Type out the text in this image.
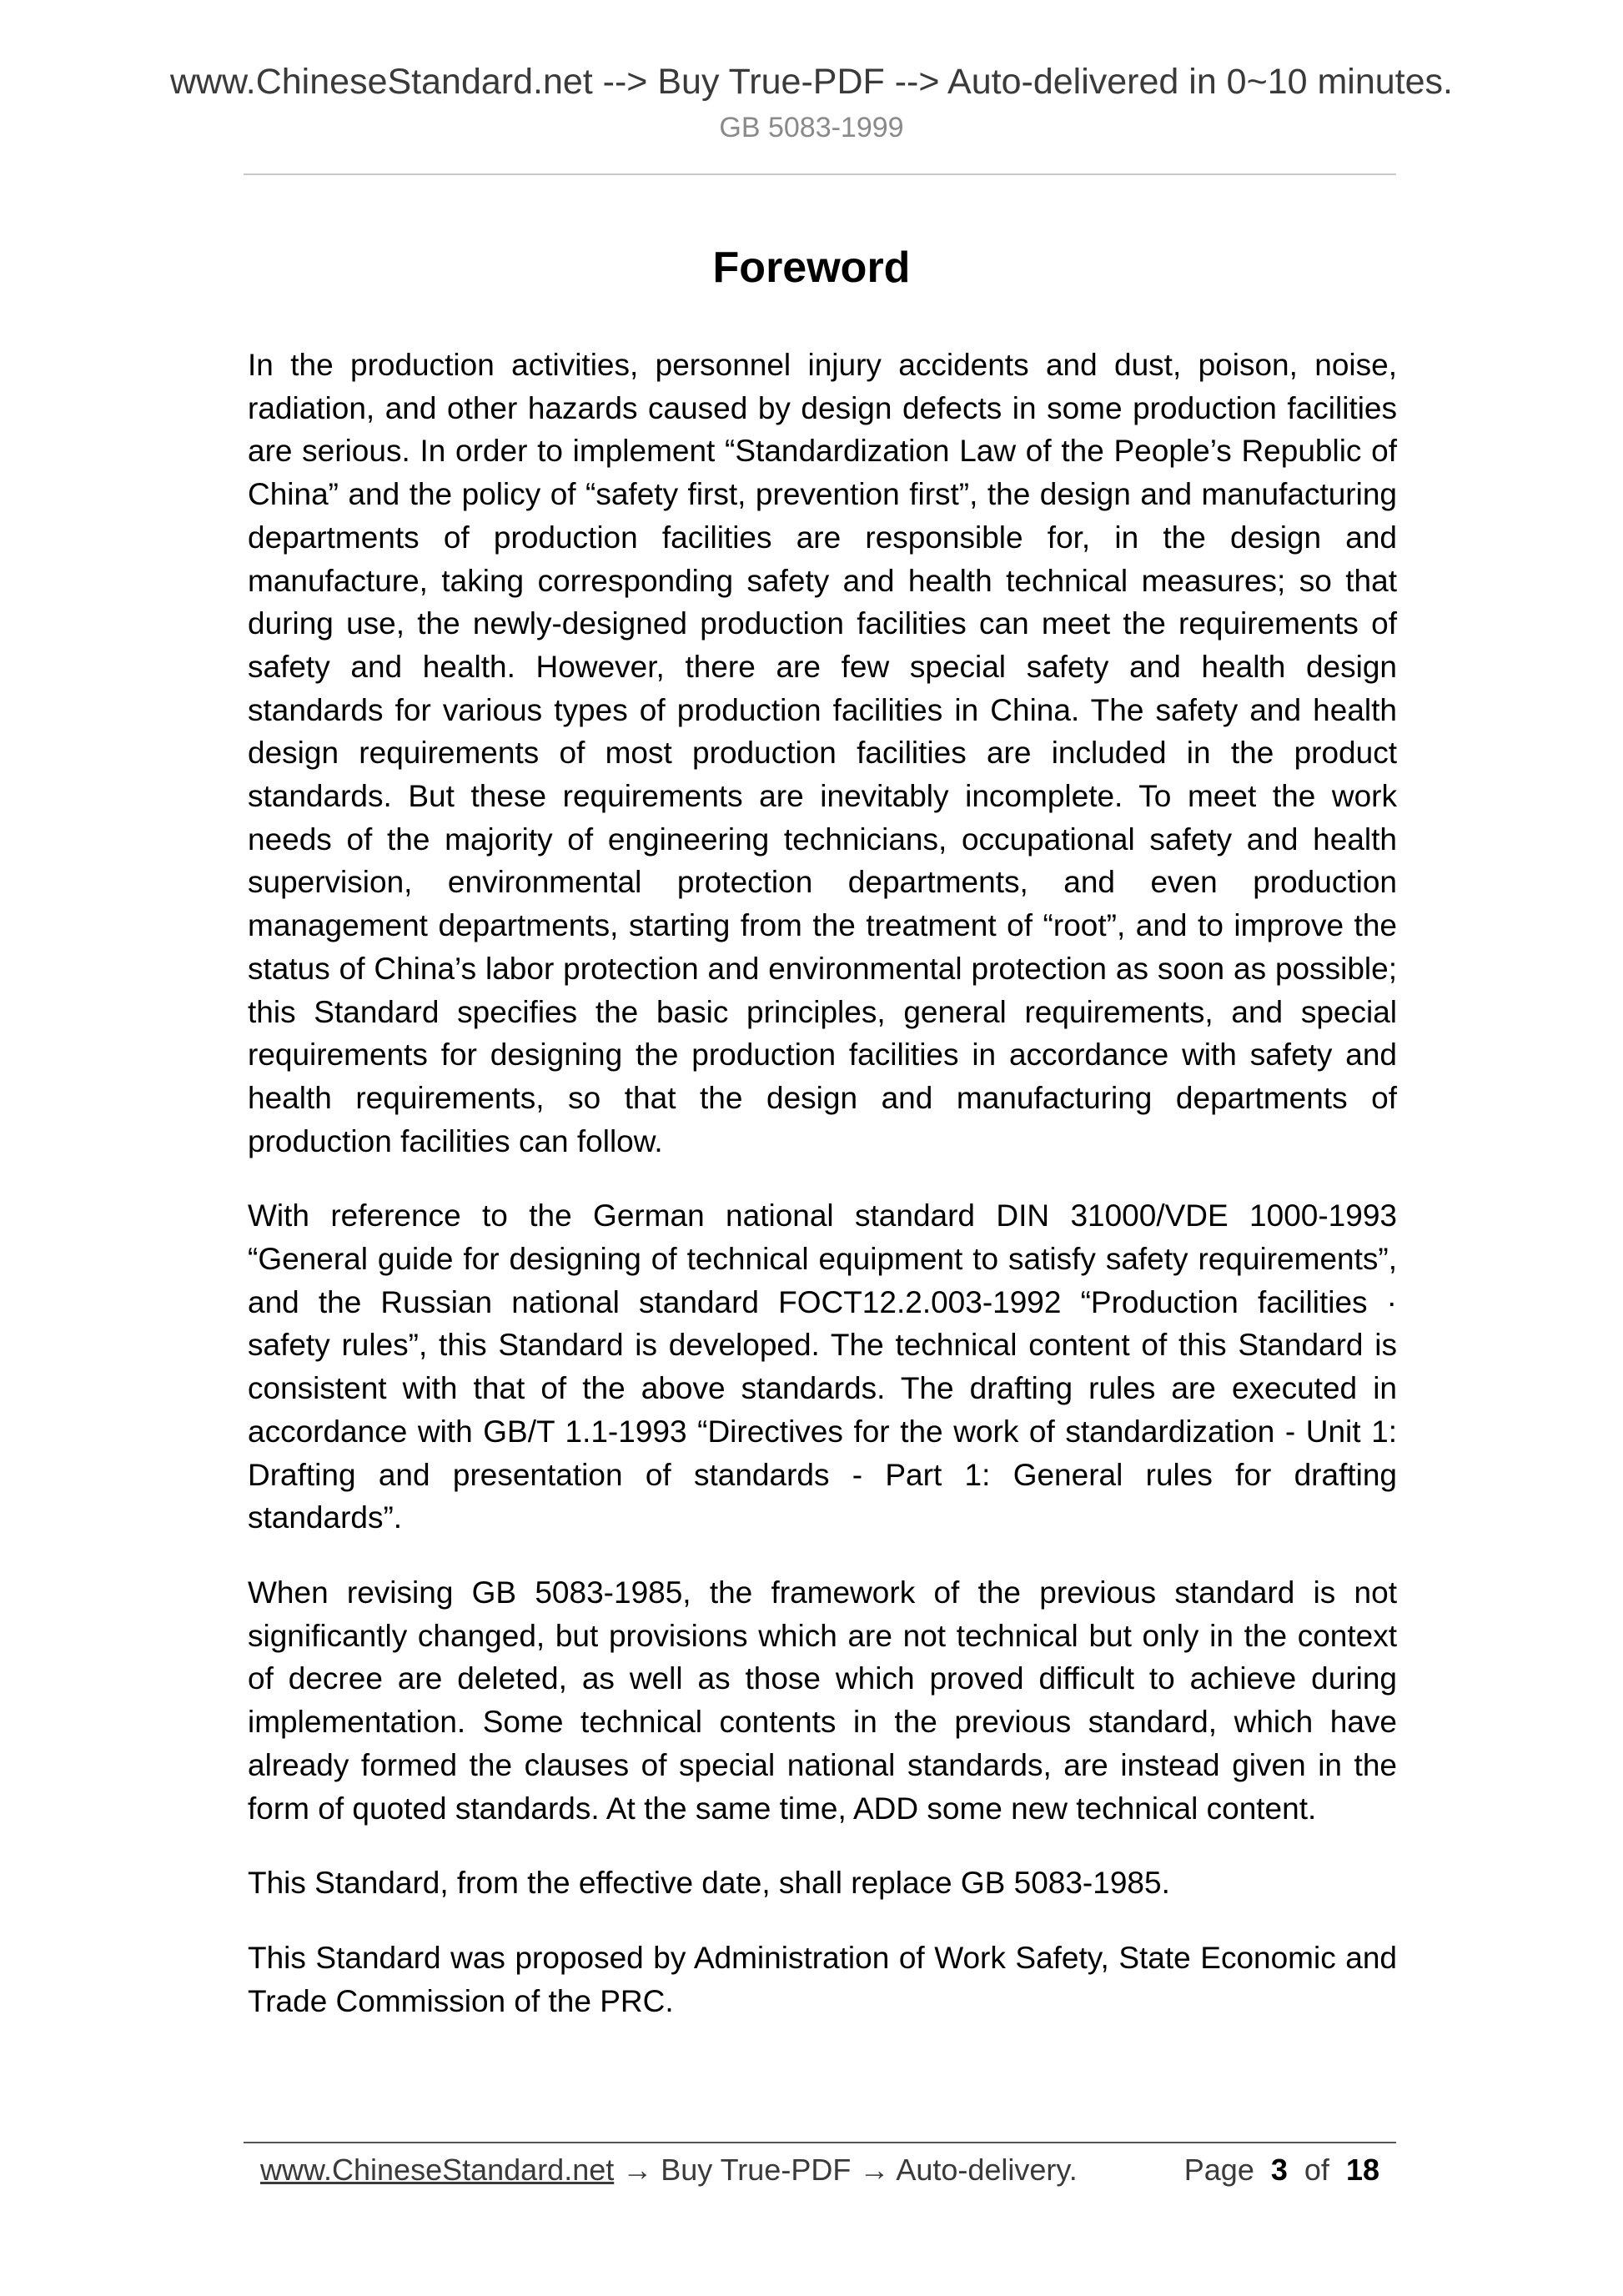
www.ChineseStandard.net --> Buy True-PDF --> Auto-delivered in 0~10 minutes.
GB 5083-1999
Foreword

In the production activities, personnel injury accidents and dust, poison, noise, radiation, and other hazards caused by design defects in some production facilities are serious. In order to implement “Standardization Law of the People’s Republic of China” and the policy of “safety first, prevention first”, the design and manufacturing departments of production facilities are responsible for, in the design and manufacture, taking corresponding safety and health technical measures; so that during use, the newly-designed production facilities can meet the requirements of safety and health. However, there are few special safety and health design standards for various types of production facilities in China. The safety and health design requirements of most production facilities are included in the product standards. But these requirements are inevitably incomplete. To meet the work needs of the majority of engineering technicians, occupational safety and health supervision, environmental protection departments, and even production management departments, starting from the treatment of “root”, and to improve the status of China’s labor protection and environmental protection as soon as possible; this Standard specifies the basic principles, general requirements, and special requirements for designing the production facilities in accordance with safety and health requirements, so that the design and manufacturing departments of production facilities can follow.

With reference to the German national standard DIN 31000/VDE 1000-1993 “General guide for designing of technical equipment to satisfy safety requirements”, and the Russian national standard FOCT12.2.003-1992 “Production facilities · safety rules”, this Standard is developed. The technical content of this Standard is consistent with that of the above standards. The drafting rules are executed in accordance with GB/T 1.1-1993 “Directives for the work of standardization - Unit 1: Drafting and presentation of standards - Part 1: General rules for drafting standards”.

When revising GB 5083-1985, the framework of the previous standard is not significantly changed, but provisions which are not technical but only in the context of decree are deleted, as well as those which proved difficult to achieve during implementation. Some technical contents in the previous standard, which have already formed the clauses of special national standards, are instead given in the form of quoted standards. At the same time, ADD some new technical content.

This Standard, from the effective date, shall replace GB 5083-1985.

This Standard was proposed by Administration of Work Safety, State Economic and Trade Commission of the PRC.

www.ChineseStandard.net → Buy True-PDF → Auto-delivery.	Page 3 of 18
